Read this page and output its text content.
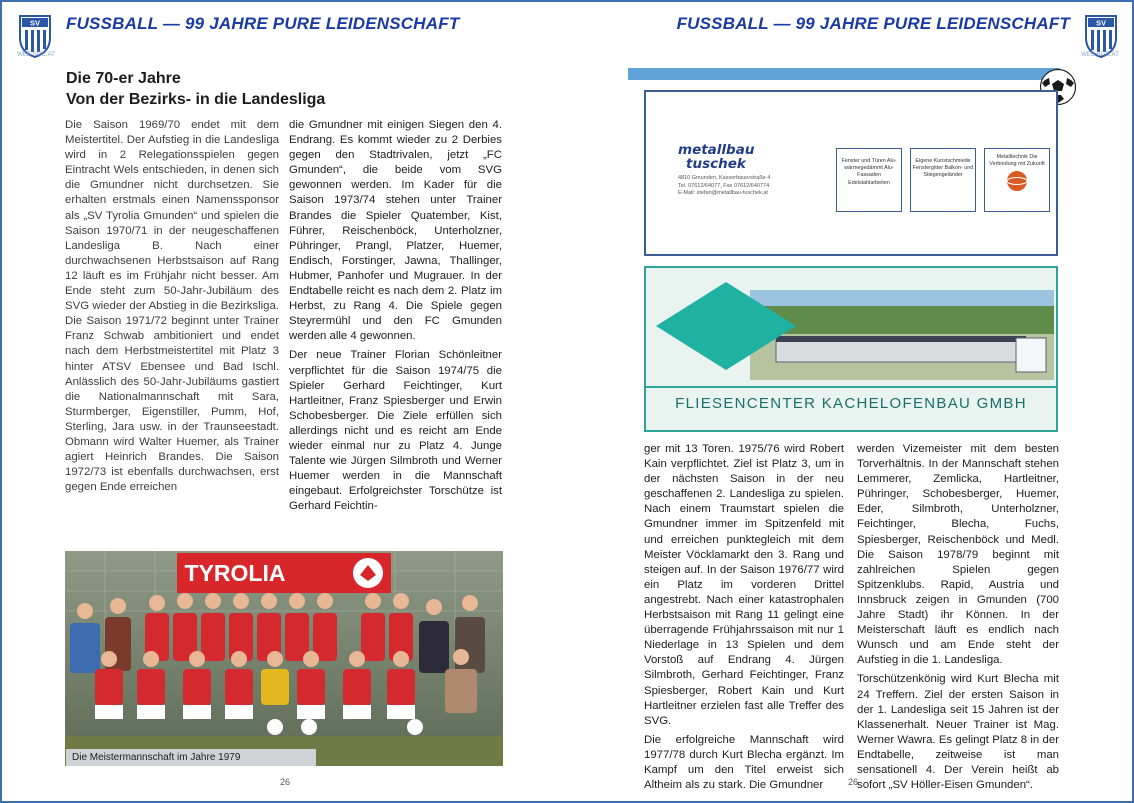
SV
WEB SITE.AT
FUSSBALL — 99 JAHRE PURE LEIDENSCHAFT
Die 70-er Jahre
Von der Bezirks- in die Landesliga

Die Saison 1969/70 endet mit dem Meistertitel. Der Aufstieg in die Landesliga wird in 2 Relegationsspielen gegen Eintracht Wels entschieden, in denen sich die Gmundner nicht durchsetzen. Sie erhalten erstmals einen Namenssponsor als „SV Tyrolia Gmunden“ und spielen die Saison 1970/71 in der neugeschaffenen Landesliga B. Nach einer durchwachsenen Herbstsaison auf Rang 12 läuft es im Frühjahr nicht besser. Am Ende steht zum 50-Jahr-Jubiläum des SVG wieder der Abstieg in die Bezirksliga. Die Saison 1971/72 beginnt unter Trainer Franz Schwab ambitioniert und endet nach dem Herbstmeistertitel mit Platz 3 hinter ATSV Ebensee und Bad Ischl. Anlässlich des 50-Jahr-Jubiläums gastiert die Nationalmannschaft mit Sara, Sturmberger, Eigenstiller, Pumm, Hof, Sterling, Jara usw. in der Traunseestadt. Obmann wird Walter Huemer, als Trainer agiert Heinrich Brandes. Die Saison 1972/73 ist ebenfalls durchwachsen, erst gegen Ende erreichen

die Gmundner mit einigen Siegen den 4. Endrang. Es kommt wieder zu 2 Derbies gegen den Stadtrivalen, jetzt „FC Gmunden“, die beide vom SVG gewonnen werden. Im Kader für die Saison 1973/74 stehen unter Trainer Brandes die Spieler Quatember, Kist, Führer, Reischenböck, Unterholzner, Pühringer, Prangl, Platzer, Huemer, Endisch, Forstinger, Jawna, Thallinger, Hubmer, Panhofer und Mugrauer. In der Endtabelle reicht es nach dem 2. Platz im Herbst, zu Rang 4. Die Spiele gegen Steyrermühl und den FC Gmunden werden alle 4 gewonnen.

Der neue Trainer Florian Schönleitner verpflichtet für die Saison 1974/75 die Spieler Gerhard Feichtinger, Kurt Hartleitner, Franz Spiesberger und Erwin Schobesberger. Die Ziele erfüllen sich allerdings nicht und es reicht am Ende wieder einmal nur zu Platz 4. Junge Talente wie Jürgen Silmbroth und Werner Huemer werden in die Mannschaft eingebaut. Erfolgreichster Torschütze ist Gerhard Feichtin-

TYROLIA
Die Meistermannschaft im Jahre 1979
26
SV
WEB SITE.AT
FUSSBALL — 99 JAHRE PURE LEIDENSCHAFT
metallbau
tuschek
4810 Gmunden, Kasserbauerstraße 4
Tel. 07612/64077, Fax 07612/640774
E-Mail: stefan@metallbau-tuschek.at
Fenster und Türen Alu-wärmegedämmt Alu-Fassaden Edelstahlarbeiten
Eigene Kunstschmiede Fenstergitter Balkon- und Stiegengeländer
Metalltechnik Die Verbindung mit Zukunft
FLIESENCENTER KACHELOFENBAU GMBH

ger mit 13 Toren. 1975/76 wird Robert Kain verpflichtet. Ziel ist Platz 3, um in der nächsten Saison in der neu geschaffenen 2. Landesliga zu spielen. Nach einem Traumstart spielen die Gmundner immer im Spitzenfeld mit und erreichen punktegleich mit dem Meister Vöcklamarkt den 3. Rang und steigen auf. In der Saison 1976/77 wird ein Platz im vorderen Drittel angestrebt. Nach einer katastrophalen Herbstsaison mit Rang 11 gelingt eine überragende Frühjahrssaison mit nur 1 Niederlage in 13 Spielen und dem Vorstoß auf Endrang 4. Jürgen Silmbroth, Gerhard Feichtinger, Franz Spiesberger, Robert Kain und Kurt Hartleitner erzielen fast alle Treffer des SVG.

Die erfolgreiche Mannschaft wird 1977/78 durch Kurt Blecha ergänzt. Im Kampf um den Titel erweist sich Altheim als zu stark. Die Gmundner

werden Vizemeister mit dem besten Torverhältnis. In der Mannschaft stehen Lemmerer, Zemlicka, Hartleitner, Pühringer, Schobesberger, Huemer, Eder, Silmbroth, Unterholzner, Feichtinger, Blecha, Fuchs, Spiesberger, Reischenböck und Medl. Die Saison 1978/79 beginnt mit zahlreichen Spielen gegen Spitzenklubs. Rapid, Austria und Innsbruck zeigen in Gmunden (700 Jahre Stadt) ihr Können. In der Meisterschaft läuft es endlich nach Wunsch und am Ende steht der Aufstieg in die 1. Landesliga.

Torschützenkönig wird Kurt Blecha mit 24 Treffern. Ziel der ersten Saison in der 1. Landesliga seit 15 Jahren ist der Klassenerhalt. Neuer Trainer ist Mag. Werner Wawra. Es gelingt Platz 8 in der Endtabelle, zeitweise ist man sensationell 4. Der Verein heißt ab sofort „SV Höller-Eisen Gmunden“.

26
